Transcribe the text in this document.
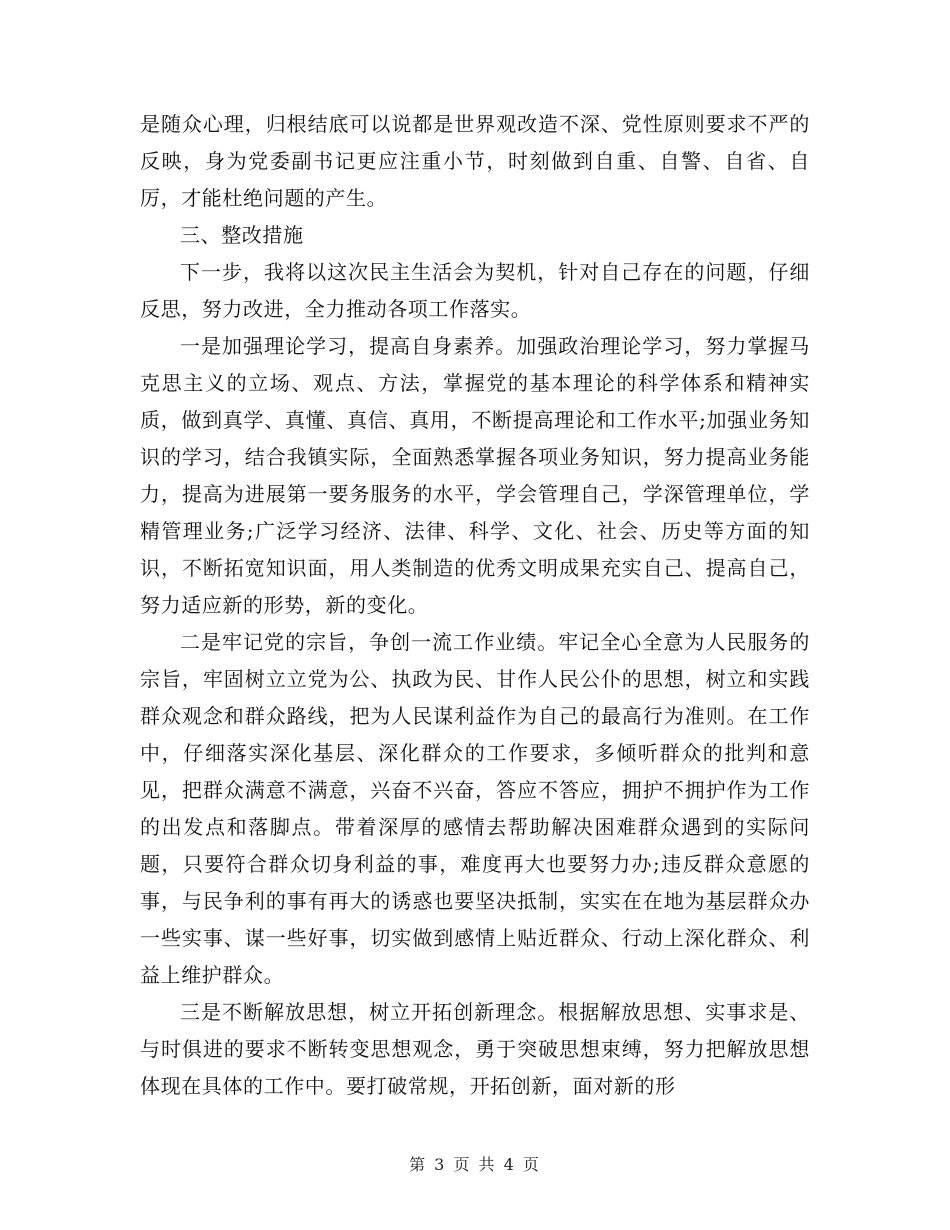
是随众心理，归根结底可以说都是世界观改造不深、党性原则要求不严的反映，身为党委副书记更应注重小节，时刻做到自重、自警、自省、自厉，才能杜绝问题的产生。

三、整改措施

下一步，我将以这次民主生活会为契机，针对自己存在的问题，仔细反思，努力改进，全力推动各项工作落实。

一是加强理论学习，提高自身素养。加强政治理论学习，努力掌握马克思主义的立场、观点、方法，掌握党的基本理论的科学体系和精神实质，做到真学、真懂、真信、真用，不断提高理论和工作水平;加强业务知识的学习，结合我镇实际，全面熟悉掌握各项业务知识，努力提高业务能力，提高为进展第一要务服务的水平，学会管理自己，学深管理单位，学精管理业务;广泛学习经济、法律、科学、文化、社会、历史等方面的知识，不断拓宽知识面，用人类制造的优秀文明成果充实自己、提高自己，努力适应新的形势，新的变化。

二是牢记党的宗旨，争创一流工作业绩。牢记全心全意为人民服务的宗旨，牢固树立立党为公、执政为民、甘作人民公仆的思想，树立和实践群众观念和群众路线，把为人民谋利益作为自己的最高行为准则。在工作中，仔细落实深化基层、深化群众的工作要求，多倾听群众的批判和意见，把群众满意不满意，兴奋不兴奋，答应不答应，拥护不拥护作为工作的出发点和落脚点。带着深厚的感情去帮助解决困难群众遇到的实际问题，只要符合群众切身利益的事，难度再大也要努力办;违反群众意愿的事，与民争利的事有再大的诱惑也要坚决抵制，实实在在地为基层群众办一些实事、谋一些好事，切实做到感情上贴近群众、行动上深化群众、利益上维护群众。

三是不断解放思想，树立开拓创新理念。根据解放思想、实事求是、与时俱进的要求不断转变思想观念，勇于突破思想束缚，努力把解放思想体现在具体的工作中。要打破常规，开拓创新，面对新的形

第 3 页 共 4 页
